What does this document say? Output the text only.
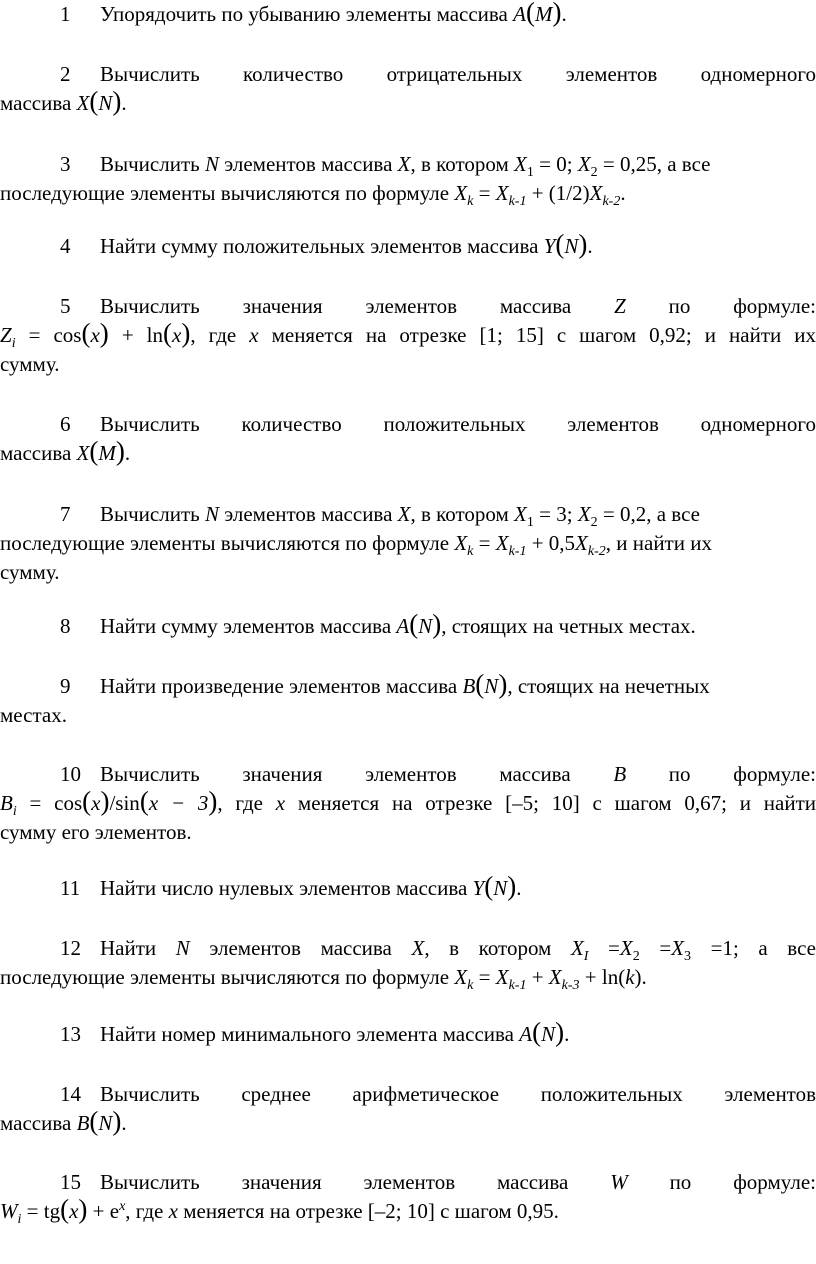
1 Упорядочить по убыванию элементы массива A(M).

2 Вычислить количество отрицательных элементов одномерного

массива X(N).

3 Вычислить N элементов массива X, в котором $X_1 = 0$; $X_2 = 0,25$, а все

последующие элементы вычисляются по формуле $X_k = X_{k-1} + (1/2)X_{k-2}$.

4 Найти сумму положительных элементов массива Y(N).

5 Вычислить значения элементов массива Z по формуле:

$Z_i = \cos(x) + \ln(x)$, где x меняется на отрезке [1; 15] с шагом 0,92; и найти их

сумму.

6 Вычислить количество положительных элементов одномерного

массива X(M).

7 Вычислить N элементов массива X, в котором $X_1 = 3$; $X_2 = 0,2$, а все

последующие элементы вычисляются по формуле $X_k = X_{k-1} + 0,5X_{k-2}$, и найти их

сумму.

8 Найти сумму элементов массива A(N), стоящих на четных местах.

9 Найти произведение элементов массива B(N), стоящих на нечетных

местах.

10 Вычислить значения элементов массива B по формуле:

$B_i = \cos(x)/\sin(x - 3)$, где x меняется на отрезке [–5; 10] с шагом 0,67; и найти

сумму его элементов.

11 Найти число нулевых элементов массива Y(N).

12 Найти N элементов массива X, в котором $X_I =X_2 =X_3 =1$; а все

последующие элементы вычисляются по формуле $X_k = X_{k-1} + X_{k-3} + \ln(k)$.

13 Найти номер минимального элемента массива A(N).

14 Вычислить среднее арифметическое положительных элементов

массива B(N).

15 Вычислить значения элементов массива W по формуле:

$W_i = tg(x) + e^x$, где x меняется на отрезке [–2; 10] с шагом 0,95.
